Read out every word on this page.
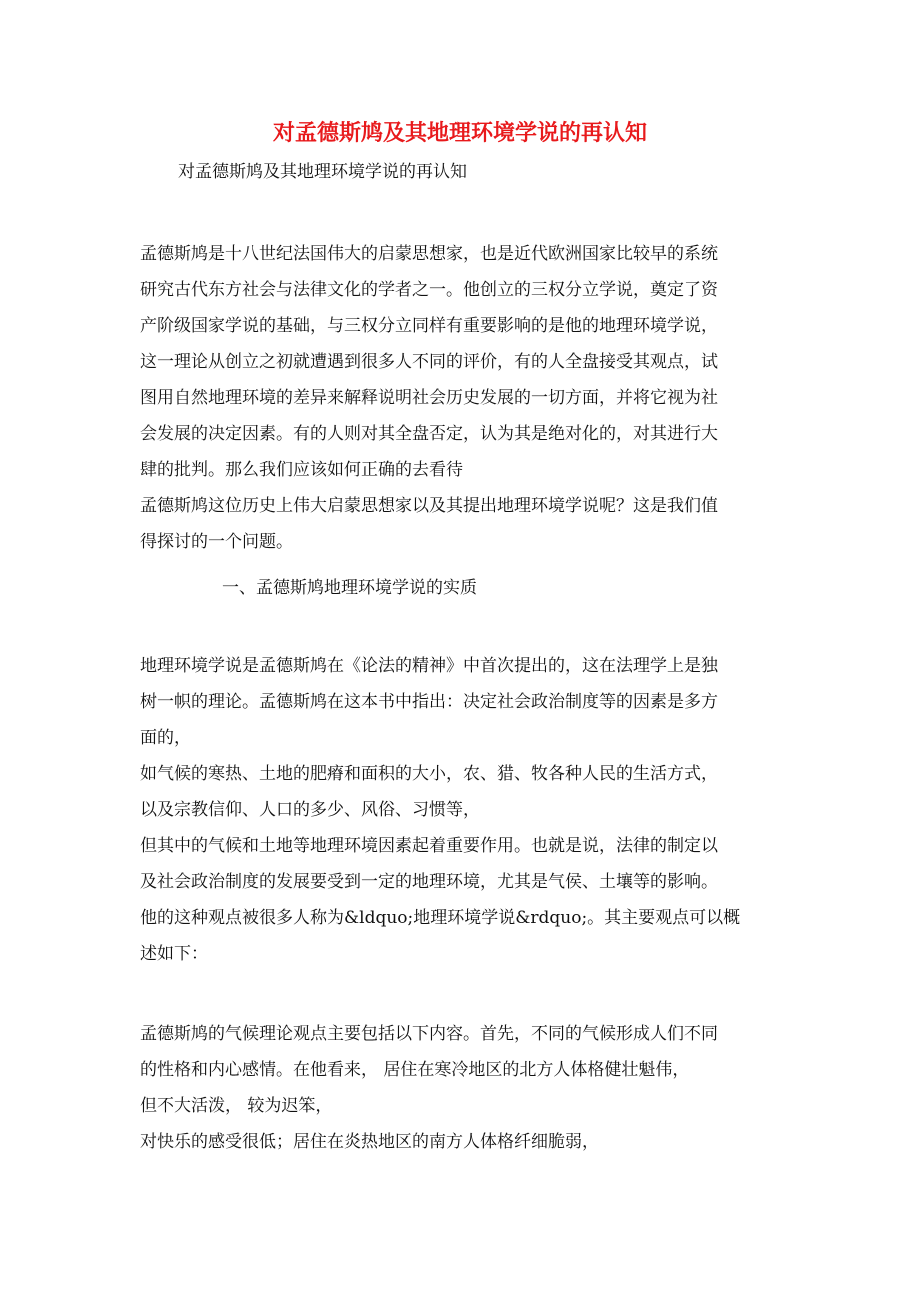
对孟德斯鸠及其地理环境学说的再认知
对孟德斯鸠及其地理环境学说的再认知
孟德斯鸠是十八世纪法国伟大的启蒙思想家，也是近代欧洲国家比较早的系统
研究古代东方社会与法律文化的学者之一。他创立的三权分立学说，奠定了资
产阶级国家学说的基础，与三权分立同样有重要影响的是他的地理环境学说，
这一理论从创立之初就遭遇到很多人不同的评价，有的人全盘接受其观点，试
图用自然地理环境的差异来解释说明社会历史发展的一切方面，并将它视为社
会发展的决定因素。有的人则对其全盘否定，认为其是绝对化的，对其进行大
肆的批判。那么我们应该如何正确的去看待
孟德斯鸠这位历史上伟大启蒙思想家以及其提出地理环境学说呢？这是我们值
得探讨的一个问题。
一、孟德斯鸠地理环境学说的实质
地理环境学说是孟德斯鸠在《论法的精神》中首次提出的，这在法理学上是独
树一帜的理论。孟德斯鸠在这本书中指出：决定社会政治制度等的因素是多方
面的，
如气候的寒热、土地的肥瘠和面积的大小，农、猎、牧各种人民的生活方式，
以及宗教信仰、人口的多少、风俗、习惯等，
但其中的气候和土地等地理环境因素起着重要作用。也就是说，法律的制定以
及社会政治制度的发展要受到一定的地理环境，尤其是气侯、土壤等的影响。
他的这种观点被很多人称为&ldquo;地理环境学说&rdquo;。其主要观点可以概
述如下：
孟德斯鸠的气候理论观点主要包括以下内容。首先，不同的气候形成人们不同
的性格和内心感情。在他看来， 居住在寒冷地区的北方人体格健壮魁伟，
但不大活泼， 较为迟笨，
对快乐的感受很低；居住在炎热地区的南方人体格纤细脆弱，
